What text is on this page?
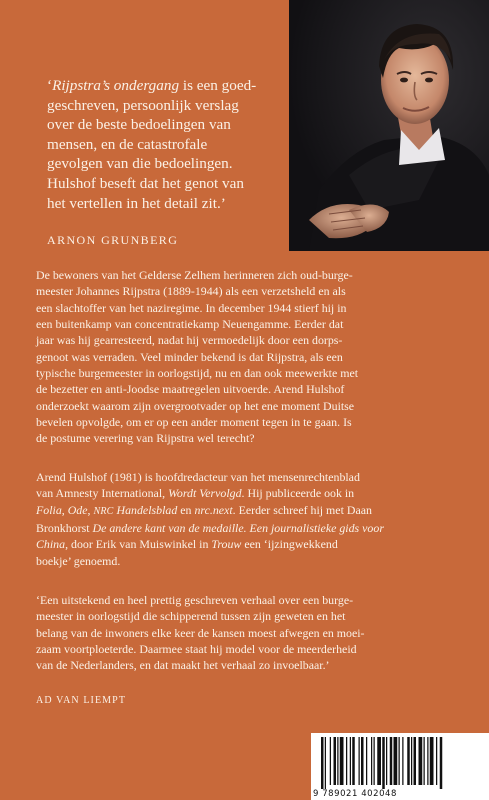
‘Rijpstra’s ondergang is een goed-
geschreven, persoonlijk verslag
over de beste bedoelingen van
mensen, en de catastrofale
gevolgen van die bedoelingen.
Hulshof beseft dat het genot van
het vertellen in het detail zit.’
ARNON GRUNBERG
De bewoners van het Gelderse Zelhem herinneren zich oud-burge-
meester Johannes Rijpstra (1889-1944) als een verzetsheld en als
een slachtoffer van het naziregime. In december 1944 stierf hij in
een buitenkamp van concentratiekamp Neuengamme. Eerder dat
jaar was hij gearresteerd, nadat hij vermoedelijk door een dorps-
genoot was verraden. Veel minder bekend is dat Rijpstra, als een
typische burgemeester in oorlogstijd, nu en dan ook meewerkte met
de bezetter en anti-Joodse maatregelen uitvoerde. Arend Hulshof
onderzoekt waarom zijn overgrootvader op het ene moment Duitse
bevelen opvolgde, om er op een ander moment tegen in te gaan. Is
de postume verering van Rijpstra wel terecht?
Arend Hulshof (1981) is hoofdredacteur van het mensenrechtenblad
van Amnesty International, Wordt Vervolgd. Hij publiceerde ook in
Folia, Ode, NRC Handelsblad en nrc.next. Eerder schreef hij met Daan
Bronkhorst De andere kant van de medaille. Een journalistieke gids voor
China, door Erik van Muiswinkel in Trouw een ‘ijzingwekkend
boekje’ genoemd.
‘Een uitstekend en heel prettig geschreven verhaal over een burge-
meester in oorlogstijd die schipperend tussen zijn geweten en het
belang van de inwoners elke keer de kansen moest afwegen en moei-
zaam voortploeterde. Daarmee staat hij model voor de meerderheid
van de Nederlanders, en dat maakt het verhaal zo invoelbaar.’
AD VAN LIEMPT
9 789021 402048
